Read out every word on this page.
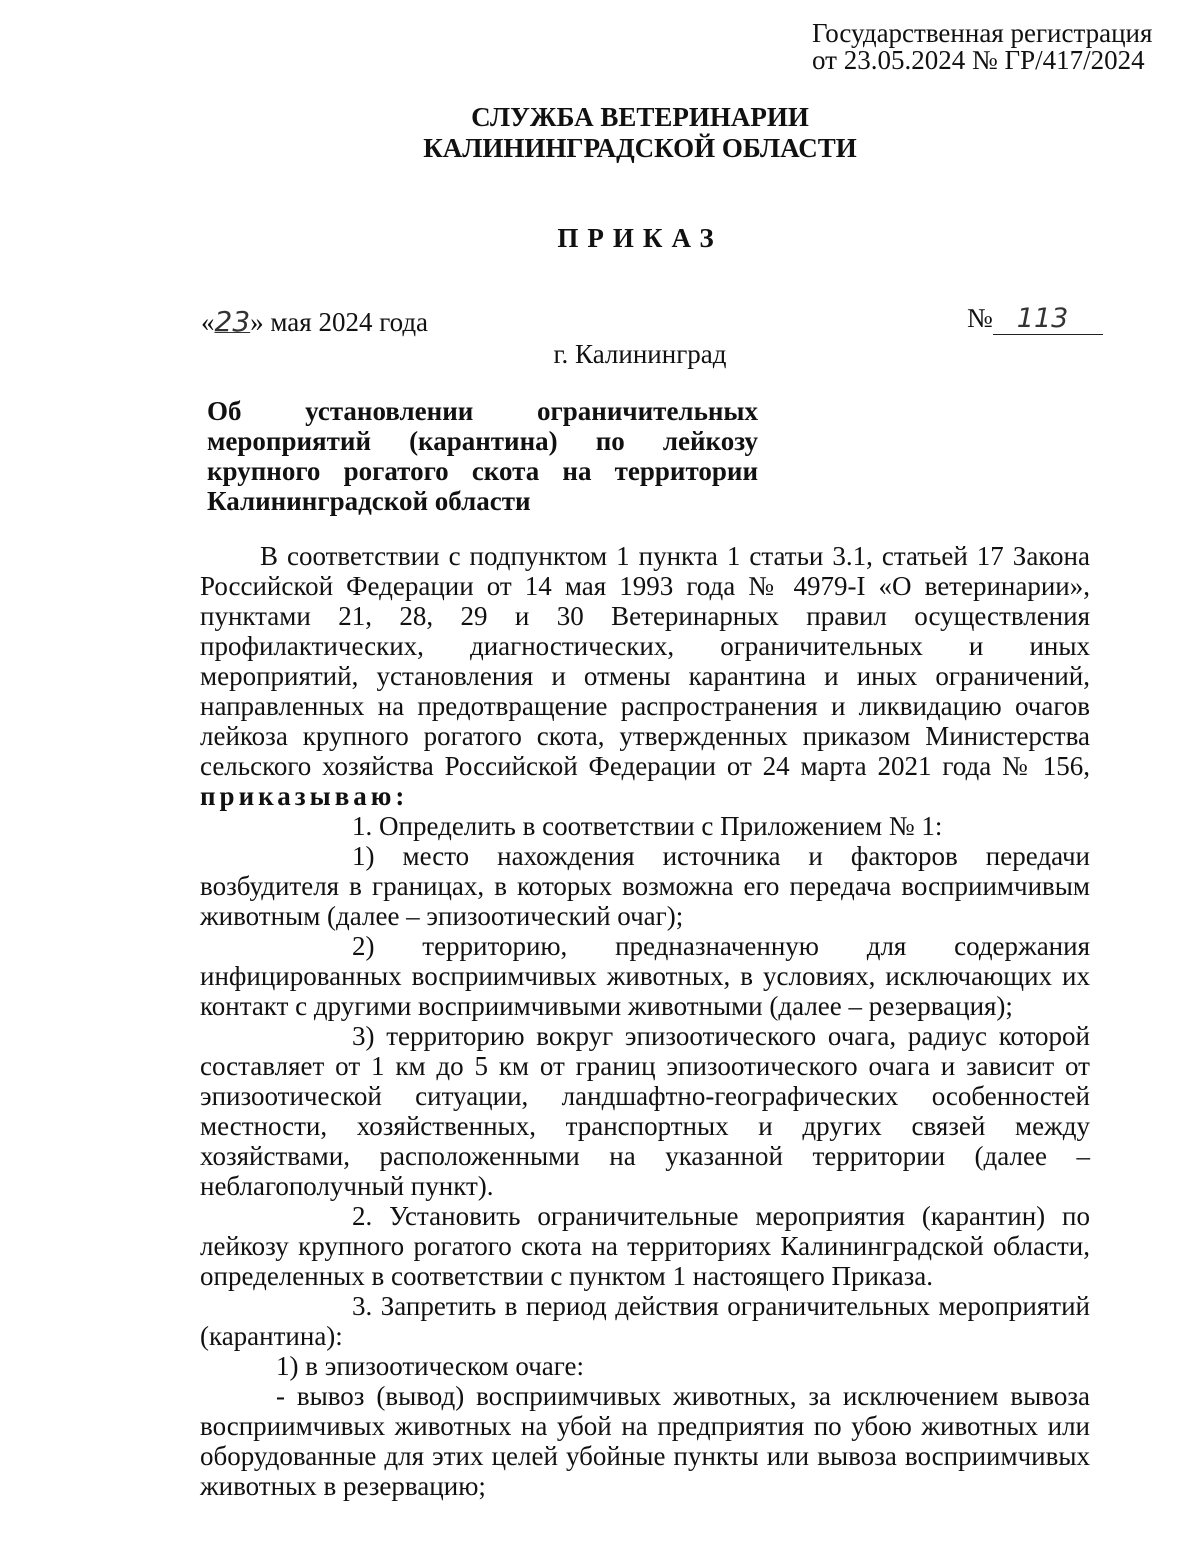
Государственная регистрация
от 23.05.2024 № ГР/417/2024
СЛУЖБА ВЕТЕРИНАРИИ
КАЛИНИНГРАДСКОЙ ОБЛАСТИ
ПРИКАЗ
«23» мая 2024 года	№ 113
г. Калининград
Об установлении ограничительных мероприятий (карантина) по лейкозу крупного рогатого скота на территории Калининградской области

В соответствии с подпунктом 1 пункта 1 статьи 3.1, статьей 17 Закона Российской Федерации от 14 мая 1993 года № 4979-I «О ветеринарии», пунктами 21, 28, 29 и 30 Ветеринарных правил осуществления профилактических, диагностических, ограничительных и иных мероприятий, установления и отмены карантина и иных ограничений, направленных на предотвращение распространения и ликвидацию очагов лейкоза крупного рогатого скота, утвержденных приказом Министерства сельского хозяйства Российской Федерации от 24 марта 2021 года № 156, приказываю:

1. Определить в соответствии с Приложением № 1:

1) место нахождения источника и факторов передачи возбудителя в границах, в которых возможна его передача восприимчивым животным (далее – эпизоотический очаг);

2) территорию, предназначенную для содержания инфицированных восприимчивых животных, в условиях, исключающих их контакт с другими восприимчивыми животными (далее – резервация);

3) территорию вокруг эпизоотического очага, радиус которой составляет от 1 км до 5 км от границ эпизоотического очага и зависит от эпизоотической ситуации, ландшафтно-географических особенностей местности, хозяйственных, транспортных и других связей между хозяйствами, расположенными на указанной территории (далее – неблагополучный пункт).

2. Установить ограничительные мероприятия (карантин) по лейкозу крупного рогатого скота на территориях Калининградской области, определенных в соответствии с пунктом 1 настоящего Приказа.

3. Запретить в период действия ограничительных мероприятий (карантина):

1) в эпизоотическом очаге:

- вывоз (вывод) восприимчивых животных, за исключением вывоза восприимчивых животных на убой на предприятия по убою животных или оборудованные для этих целей убойные пункты или вывоза восприимчивых животных в резервацию;
